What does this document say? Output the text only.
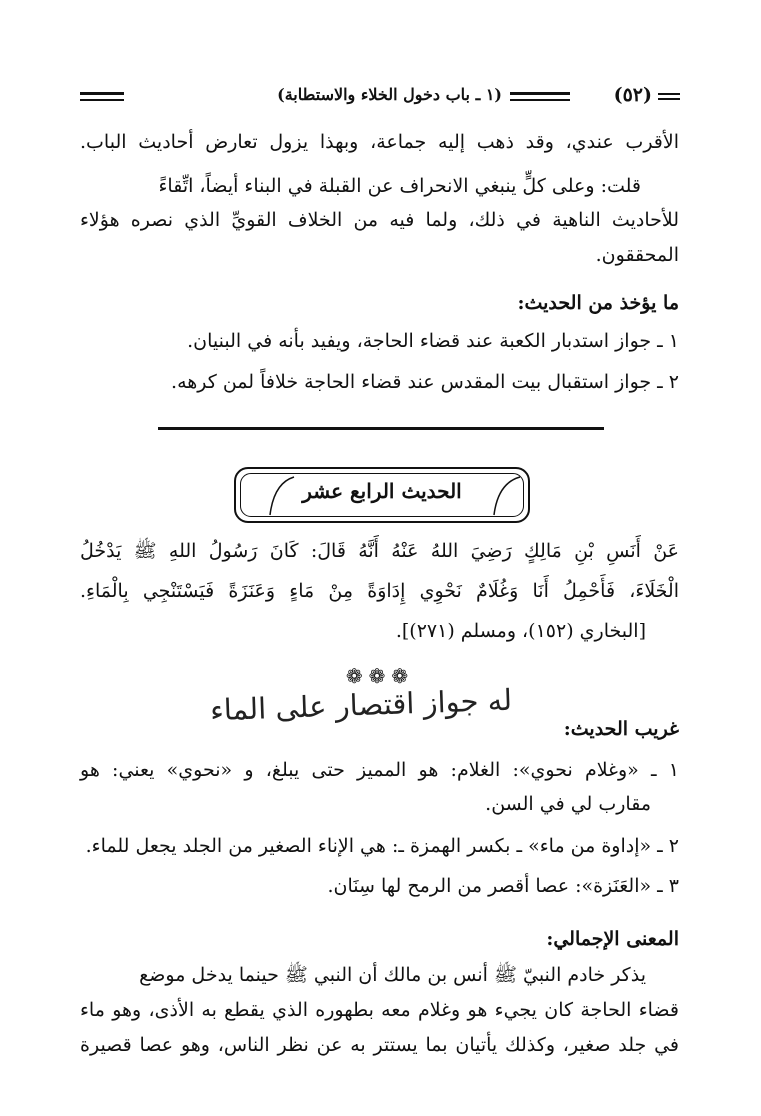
(٥٢)
(١ ـ باب دخول الخلاء والاستطابة)
الأقرب عندي، وقد ذهب إليه جماعة، وبهذا يزول تعارض أحاديث الباب.
قلت: وعلى كلٍّ ينبغي الانحراف عن القبلة في البناء أيضاً، اتِّقاءً
للأحاديث الناهية في ذلك، ولما فيه من الخلاف القويِّ الذي نصره هؤلاء
المحققون.
ما يؤخذ من الحديث:
١ ـ جواز استدبار الكعبة عند قضاء الحاجة، ويفيد بأنه في البنيان.
٢ ـ جواز استقبال بيت المقدس عند قضاء الحاجة خلافاً لمن كرهه.
الحديث الرابع عشر
عَنْ أَنَسِ بْنِ مَالِكٍ رَضِيَ اللهُ عَنْهُ أَنَّهُ قَالَ: كَانَ رَسُولُ اللهِ ﷺ يَدْخُلُ
الْخَلَاءَ، فَأَحْمِلُ أَنَا وَغُلَامٌ نَحْوِي إِدَاوَةً مِنْ مَاءٍ وَعَنَزَةً فَيَسْتَنْجِي بِالْمَاءِ.
[البخاري (١٥٢)، ومسلم (٢٧١)].
❁❁❁
غريب الحديث:
له جواز اقتصار على الماء
١ ـ «وغلام نحوي»: الغلام: هو المميز حتى يبلغ، و «نحوي» يعني: هو
مقارب لي في السن.
٢ ـ «إداوة من ماء» ـ بكسر الهمزة ـ: هي الإناء الصغير من الجلد يجعل للماء.
٣ ـ «العَنَزة»: عصا أقصر من الرمح لها سِنَان.
المعنى الإجمالي:
يذكر خادم النبيّ ﷺ أنس بن مالك أن النبي ﷺ حينما يدخل موضع
قضاء الحاجة كان يجيء هو وغلام معه بطهوره الذي يقطع به الأذى، وهو ماء
في جلد صغير، وكذلك يأتيان بما يستتر به عن نظر الناس، وهو عصا قصيرة
